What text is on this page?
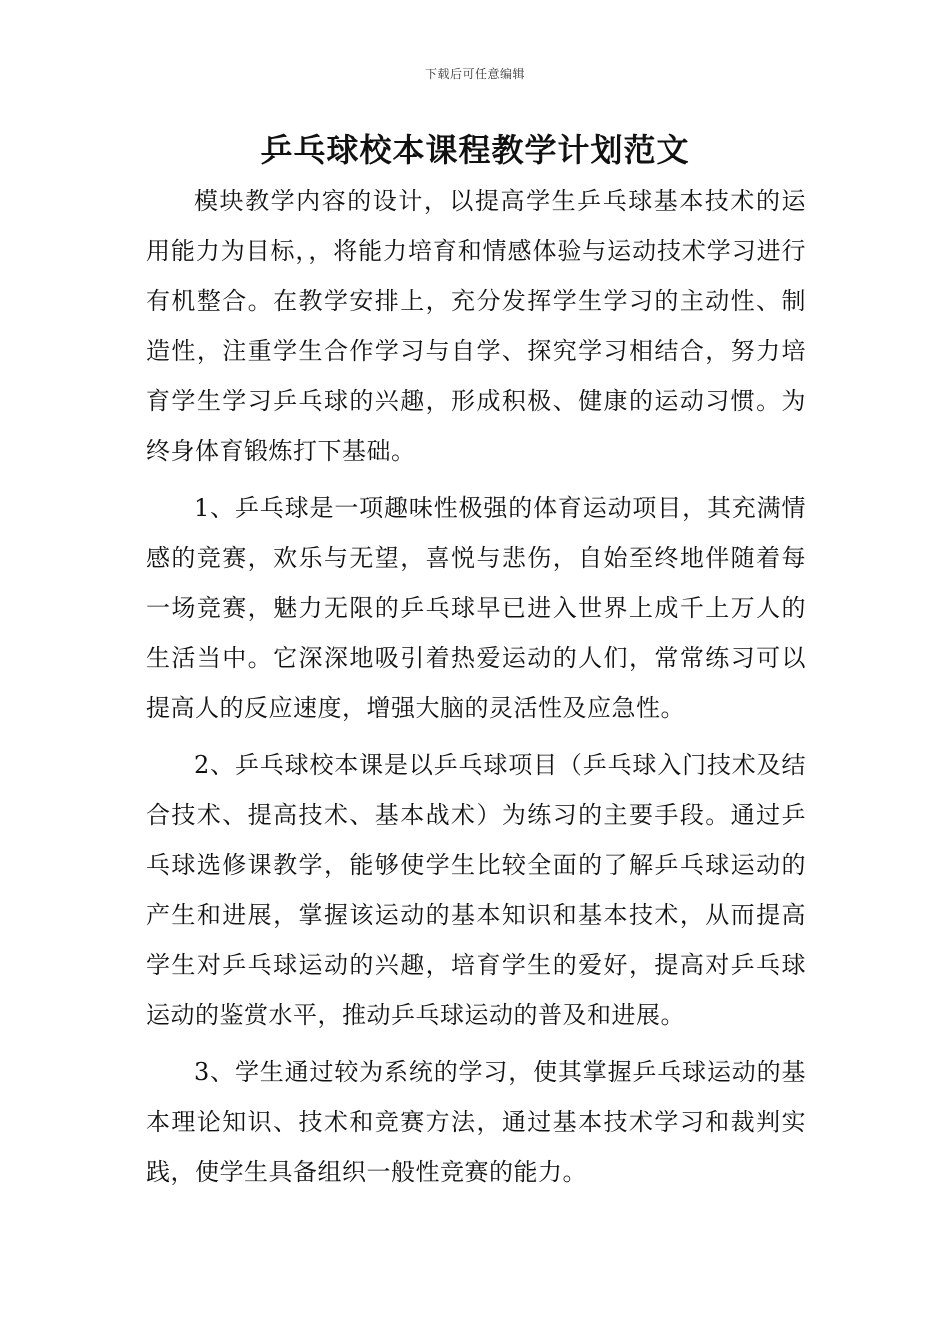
下载后可任意编辑
乒乓球校本课程教学计划范文

模块教学内容的设计，以提高学生乒乓球基本技术的运用能力为目标，，将能力培育和情感体验与运动技术学习进行有机整合。在教学安排上，充分发挥学生学习的主动性、制造性，注重学生合作学习与自学、探究学习相结合，努力培育学生学习乒乓球的兴趣，形成积极、健康的运动习惯。为终身体育锻炼打下基础。

1、乒乓球是一项趣味性极强的体育运动项目，其充满情感的竞赛，欢乐与无望，喜悦与悲伤，自始至终地伴随着每一场竞赛，魅力无限的乒乓球早已进入世界上成千上万人的生活当中。它深深地吸引着热爱运动的人们，常常练习可以提高人的反应速度，增强大脑的灵活性及应急性。

2、乒乓球校本课是以乒乓球项目（乒乓球入门技术及结合技术、提高技术、基本战术）为练习的主要手段。通过乒乓球选修课教学，能够使学生比较全面的了解乒乓球运动的产生和进展，掌握该运动的基本知识和基本技术，从而提高学生对乒乓球运动的兴趣，培育学生的爱好，提高对乒乓球运动的鉴赏水平，推动乒乓球运动的普及和进展。

3、学生通过较为系统的学习，使其掌握乒乓球运动的基本理论知识、技术和竞赛方法，通过基本技术学习和裁判实践，使学生具备组织一般性竞赛的能力。
